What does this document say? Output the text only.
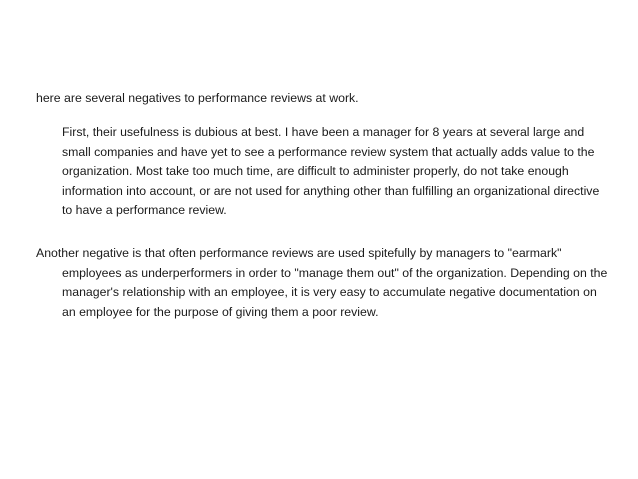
here are several negatives to performance reviews at work.

First, their usefulness is dubious at best. I have been a manager for 8 years at several large and small companies and have yet to see a performance review system that actually adds value to the organization. Most take too much time, are difficult to administer properly, do not take enough information into account, or are not used for anything other than fulfilling an organizational directive to have a performance review.

Another negative is that often performance reviews are used spitefully by managers to "earmark" employees as underperformers in order to "manage them out" of the organization. Depending on the manager's relationship with an employee, it is very easy to accumulate negative documentation on an employee for the purpose of giving them a poor review.
